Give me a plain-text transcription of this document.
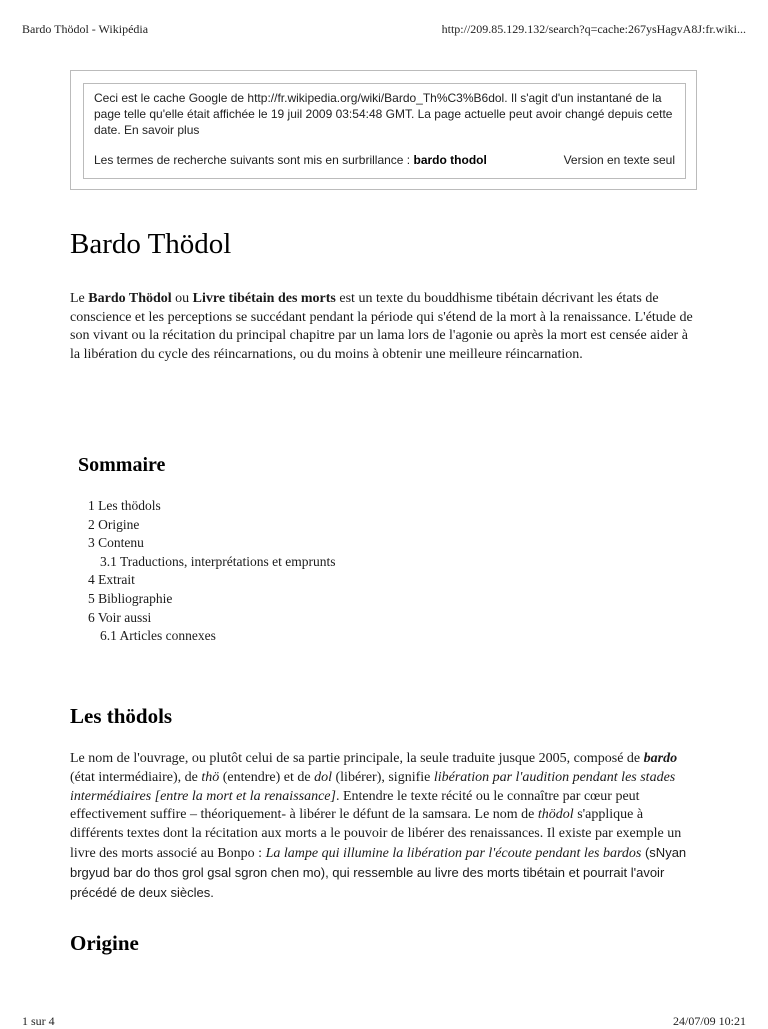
Bardo Thödol - Wikipédia	http://209.85.129.132/search?q=cache:267ysHagvA8J:fr.wiki...

Ceci est le cache Google de http://fr.wikipedia.org/wiki/Bardo_Th%C3%B6dol. Il s'agit d'un instantané de la page telle qu'elle était affichée le 19 juil 2009 03:54:48 GMT. La page actuelle peut avoir changé depuis cette date. En savoir plus

Les termes de recherche suivants sont mis en surbrillance : bardo thodol	Version en texte seul
Bardo Thödol

Le Bardo Thödol ou Livre tibétain des morts est un texte du bouddhisme tibétain décrivant les états de conscience et les perceptions se succédant pendant la période qui s'étend de la mort à la renaissance. L'étude de son vivant ou la récitation du principal chapitre par un lama lors de l'agonie ou après la mort est censée aider à la libération du cycle des réincarnations, ou du moins à obtenir une meilleure réincarnation.

Sommaire
1 Les thödols
2 Origine
3 Contenu
3.1 Traductions, interprétations et emprunts
4 Extrait
5 Bibliographie
6 Voir aussi
6.1 Articles connexes
Les thödols

Le nom de l'ouvrage, ou plutôt celui de sa partie principale, la seule traduite jusque 2005, composé de bardo (état intermédiaire), de thö (entendre) et de dol (libérer), signifie libération par l'audition pendant les stades intermédiaires [entre la mort et la renaissance]. Entendre le texte récité ou le connaître par cœur peut effectivement suffire – théoriquement- à libérer le défunt de la samsara. Le nom de thödol s'applique à différents textes dont la récitation aux morts a le pouvoir de libérer des renaissances. Il existe par exemple un livre des morts associé au Bonpo : La lampe qui illumine la libération par l'écoute pendant les bardos (sNyan brgyud bar do thos grol gsal sgron chen mo), qui ressemble au livre des morts tibétain et pourrait l'avoir précédé de deux siècles.

Origine
1 sur 4	24/07/09 10:21
